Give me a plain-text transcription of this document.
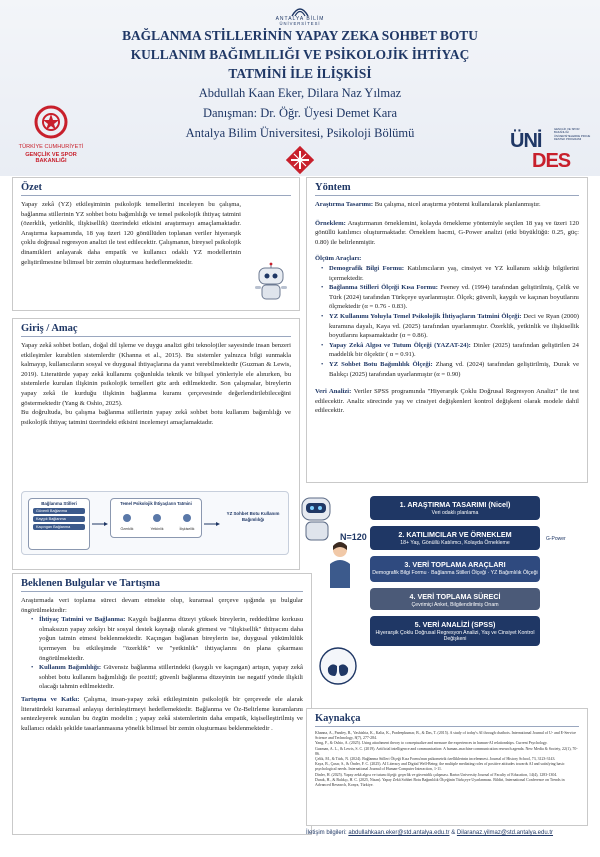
ANTALYA BİLİM
ÜNİVERSİTESİ
BAĞLANMA STİLLERİNİN YAPAY ZEKA SOHBET BOTU
KULLANIM BAĞIMLILIĞI VE PSİKOLOJİK İHTİYAÇ
TATMİNİ İLE İLİŞKİSİ
Abdullah Kaan Eker, Dilara Naz Yılmaz
Danışman: Dr. Öğr. Üyesi Demet Kara
Antalya Bilim Üniversitesi, Psikoloji Bölümü
TÜRKİYE CUMHURİYETİ
GENÇLİK VE SPOR BAKANLIĞI
GENÇLİK VE SPOR BAKANLIĞI ÜNİVERSİTELERDE PROJE DESTEK PROGRAMI
ÜNİ
DES
Özet
Yapay zekâ (YZ) etkileşiminin psikolojik temellerini inceleyen bu çalışma, bağlanma stillerinin YZ sohbet botu bağımlılığı ve temel psikolojik ihtiyaç tatmini (özerklik, yetkinlik, ilişkisellik) üzerindeki etkisini araştırmayı amaçlamaktadır. Araştırma kapsamında, 18 yaş üzeri 120 gönüllüden toplanan veriler hiyerarşik çoklu doğrusal regresyon analizi ile test edilecektir. Çalışmanın, bireysel psikolojik dinamikleri anlayarak daha empatik ve kullanıcı odaklı YZ modellerinin geliştirilmesine bilimsel bir zemin oluşturması hedeflenmektedir.
Giriş / Amaç
Yapay zekâ sohbet botları, doğal dil işleme ve duygu analizi gibi teknolojiler sayesinde insan benzeri etkileşimler kurabilen sistemlerdir (Khanna et al., 2015). Bu sistemler yalnızca bilgi sunmakla kalmayıp, kullanıcıların sosyal ve duygusal ihtiyaçlarına da yanıt verebilmektedir (Guzman & Lewis, 2019). Literatürde yapay zekâ kullanımı çoğunlukla teknik ve bilişsel yönleriyle ele alınırken, bu sistemlerle kurulan ilişkinin psikolojik temelleri göz ardı edilmektedir. Son çalışmalar, bireylerin yapay zekâ ile kurduğu ilişkinin bağlanma kuramı çerçevesinde değerlendirilebileceğini göstermektedir (Yang & Oshio, 2025).
Bu doğrultuda, bu çalışma bağlanma stillerinin yapay zekâ sohbet botu kullanım bağımlılığı ve psikolojik ihtiyaç tatmini üzerindeki etkisini incelemeyi amaçlamaktadır.
Bağlanma Stilleri
Güvenli Bağlanma
Kaygılı Bağlanma
Kaçıngan Bağlanma
Temel Psikolojik İhtiyaçların Tatmini
Özerklik	Yetkinlik	İlişkisellik
YZ Sohbet Botu Kullanım Bağımlılığı
Beklenen Bulgular ve Tartışma
Araştırmada veri toplama süreci devam etmekte olup, kuramsal çerçeve ışığında şu bulgular öngörülmektedir:
• İhtiyaç Tatmini ve Bağlanma: Kaygılı bağlanma düzeyi yüksek bireylerin, reddedilme korkusu olmaksızın yapay zekâyı bir sosyal destek kaynağı olarak görmesi ve "ilişkisellik" ihtiyacını daha yoğun tatmin etmesi beklenmektedir. Kaçıngan bağlanan bireylerin ise, duygusal yükümlülük içermeyen bu etkileşimde "özerklik" ve "yetkinlik" ihtiyaçlarını ön plana çıkarması öngörülmektedir.
• Kullanım Bağımlılığı: Güvensiz bağlanma stillerindeki (kaygılı ve kaçıngan) artışın, yapay zekâ sohbet botu kullanım bağımlılığı ile pozitif; güvenli bağlanma düzeyinin ise negatif yönde ilişkili olacağı tahmin edilmektedir.
Tartışma ve Katkı: Çalışma, insan-yapay zekâ etkileşiminin psikolojik bir çerçevede ele alarak literatürdeki kuramsal anlayışı derinleştirmeyi hedeflemektedir. Bağlanma ve Öz-Belirleme kuramlarını sentezleyerek sunulan bu özgün modelin ; yapay zekâ sistemlerinin daha empatik, kişiselleştirilmiş ve kullanıcı odaklı şekilde tasarlanmasına yönelik bilimsel bir zemin oluşturması beklenmektedir .
Yöntem
Araştırma Tasarımı: Bu çalışma, nicel araştırma yöntemi kullanılarak planlanmıştır.
Örneklem: Araştırmanın örneklemini, kolayda örnekleme yöntemiyle seçilen 18 yaş ve üzeri 120 gönüllü katılımcı oluşturmaktadır. Örneklem hacmi, G-Power analizi (etki büyüklüğü: 0.25, güç: 0.80) ile belirlenmiştir.
Ölçüm Araçları:
• Demografik Bilgi Formu: Katılımcıların yaş, cinsiyet ve YZ kullanım sıklığı bilgilerini içermektedir.
• Bağlanma Stilleri Ölçeği Kısa Formu: Feeney vd. (1994) tarafından geliştirilmiş, Çelik ve Türk (2024) tarafından Türkçeye uyarlanmıştır. Ölçek; güvenli, kaygılı ve kaçınan boyutlarını ölçmektedir (α = 0.76 - 0.83).
• YZ Kullanımı Yoluyla Temel Psikolojik İhtiyaçların Tatmini Ölçeği: Deci ve Ryan (2000) kuramına dayalı, Kaya vd. (2025) tarafından uyarlanmıştır. Özerklik, yetkinlik ve ilişkisellik boyutlarını kapsamaktadır (α = 0.86).
• Yapay Zekâ Algısı ve Tutum Ölçeği (YAZAT-24): Dinler (2025) tarafından geliştirilen 24 maddelik bir ölçektir ( α = 0.91).
• YZ Sohbet Botu Bağımlılık Ölçeği: Zhang vd. (2024) tarafından geliştirilmiş, Durak ve Balıkçı (2025) tarafından uyarlanmıştır (α = 0.90)
Veri Analizi: Veriler SPSS programında "Hiyerarşik Çoklu Doğrusal Regresyon Analizi" ile test edilecektir. Analiz sürecinde yaş ve cinsiyet değişkenleri kontrol değişkeni olarak modele dahil edilecektir.
1. ARAŞTIRMA TASARIMI (Nicel)
Veri odaklı planlama
2. KATILIMCILAR VE ÖRNEKLEM
18+ Yaş, Gönüllü Katılımcı, Kolayda Örnekleme
N=120	G-Power
3. VERİ TOPLAMA ARAÇLARI
Demografik Bilgi Formu · Bağlanma Stilleri Ölçeği · YZ Bağımlılık Ölçeği
4. VERİ TOPLAMA SÜRECİ
Çevrimiçi Anket, Bilgilendirilmiş Onam
5. VERİ ANALİZİ (SPSS)
Hiyerarşik Çoklu Doğrusal Regresyon Analizi, Yaş ve Cinsiyet Kontrol Değişkeni
Kaynakça
Khanna, A., Pandey, B., Vashishta, K., Kalia, K., Pradeepkumar, B., & Das, T. (2015). A study of today's AI through chatbots. International Journal of U- and E-Service Science and Technology, 8(7), 277-284.
Yang, F., & Oshio, A. (2025). Using attachment theory to conceptualize and measure the experiences in human-AI relationships. Current Psychology.
Guzman, A. L., & Lewis, S. C. (2019). Artificial intelligence and communication: A human–machine communication research agenda. New Media & Society, 22(1), 70-86.
Çelik, M., & Türk, N. (2024). Bağlanma Stilleri Ölçeği Kısa Formu'nun psikometrik özelliklerinin incelenmesi. Journal of History School, 73, 3123-3143.
Kaya, B., Çınar, S., & Önder, F. C. (2025). AI Literacy and Digital Well-Being: the multiple mediating roles of positive attitudes towards AI and satisfying basic psychological needs. International Journal of Human-Computer Interaction, 1-11.
Dinler, H. (2025). Yapay zekâ algısı ve tutum ölçeği: geçerlik ve güvenirlik çalışması. Bartın University Journal of Faculty of Education, 14(4), 1283-1304.
Durak, H., & Balıkçı, H. C. (2025, Nisan). Yapay Zekâ Sohbet Botu Bağımlılık Ölçeğinin Türkçeye Uyarlanması. Bildiri, International Conference on Trends in Advanced Research, Konya, Türkiye.
İletişim bilgileri: abdullahkaan.eker@std.antalya.edu.tr & Dilaranaz.yilmaz@std.antalya.edu.tr
